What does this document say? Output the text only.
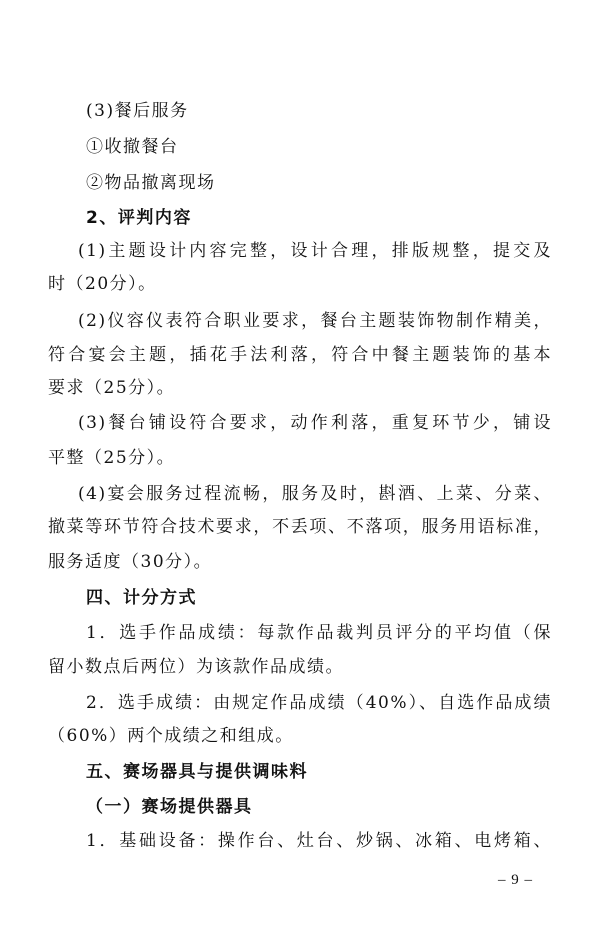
(3)餐后服务
①收撤餐台
②物品撤离现场
2、评判内容
(1)主题设计内容完整，设计合理，排版规整，提交及
时（20分）。
(2)仪容仪表符合职业要求，餐台主题装饰物制作精美，
符合宴会主题，插花手法利落，符合中餐主题装饰的基本
要求（25分）。
(3)餐台铺设符合要求，动作利落，重复环节少，铺设
平整（25分）。
(4)宴会服务过程流畅，服务及时，斟酒、上菜、分菜、
撤菜等环节符合技术要求，不丢项、不落项，服务用语标准，
服务适度（30分）。
四、计分方式
1．选手作品成绩：每款作品裁判员评分的平均值（保
留小数点后两位）为该款作品成绩。
2．选手成绩：由规定作品成绩（40%）、自选作品成绩
（60%）两个成绩之和组成。
五、赛场器具与提供调味料
（一）赛场提供器具
1．基础设备：操作台、灶台、炒锅、冰箱、电烤箱、
– 9 –
